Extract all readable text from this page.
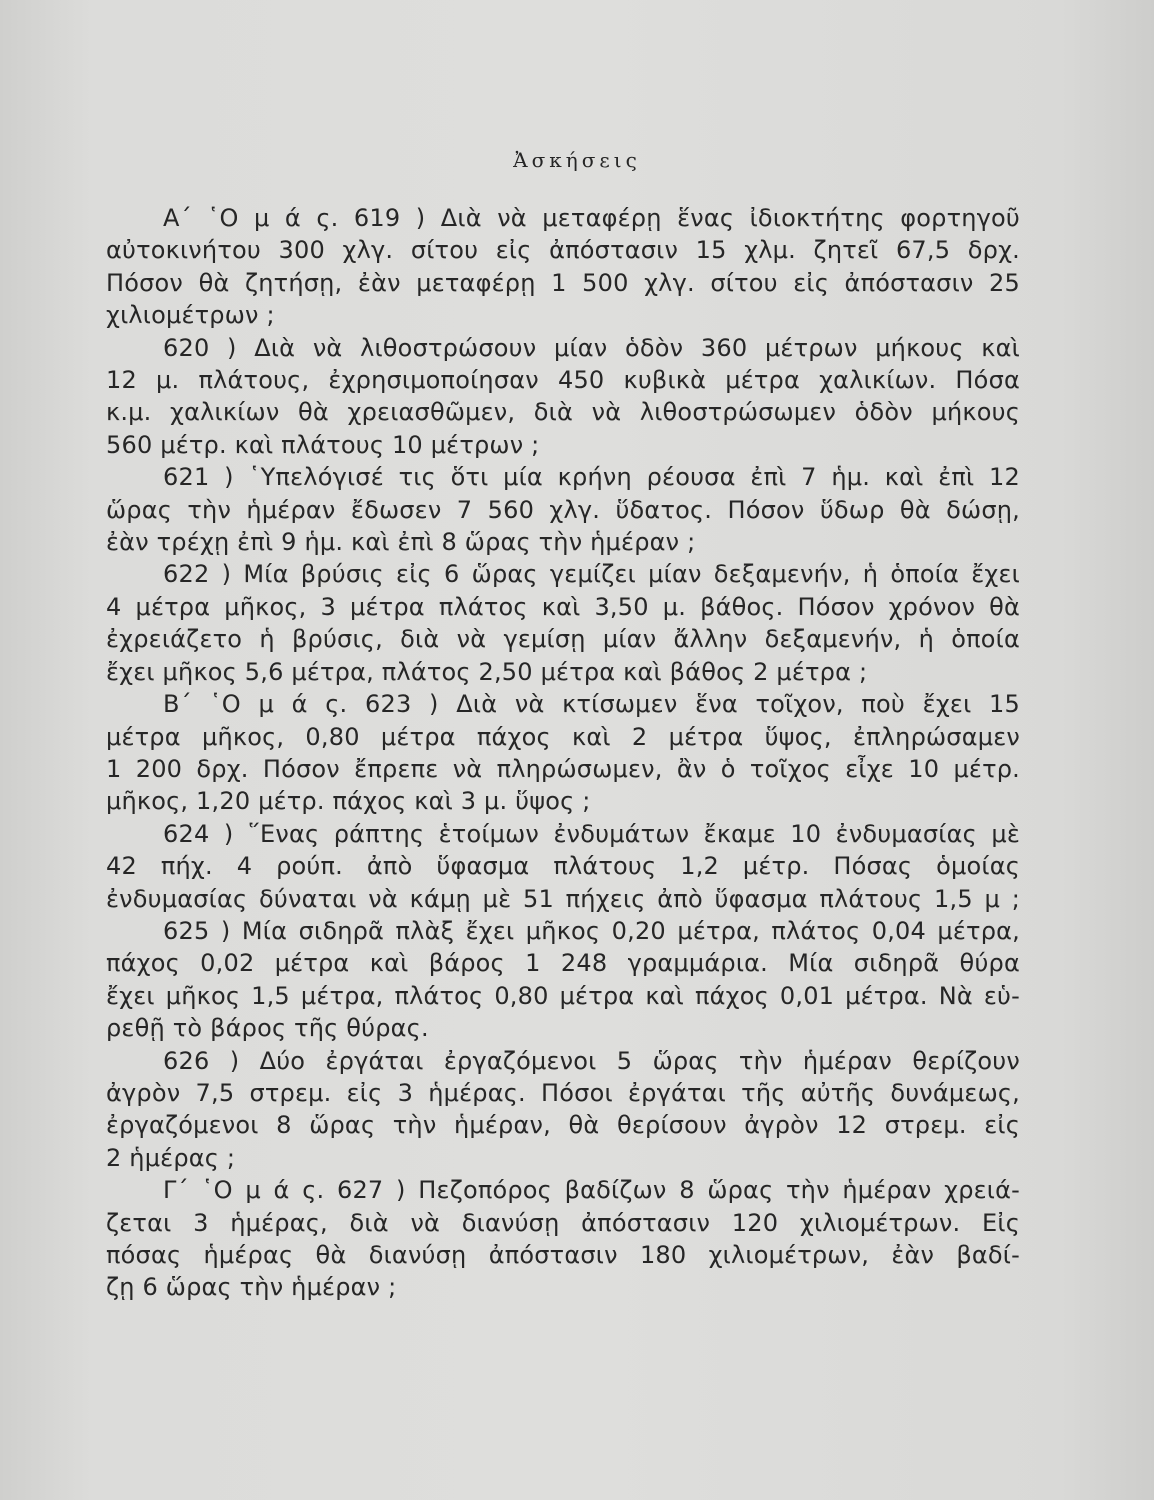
Ἀσκήσεις
Α΄ ῾Ο μ ά ς. 619 ) Διὰ νὰ μεταφέρῃ ἕνας ἰδιοκτήτης φορτηγοῦ
αὐτοκινήτου 300 χλγ. σίτου εἰς ἀπόστασιν 15 χλμ. ζητεῖ 67,5 δρχ.
Πόσον θὰ ζητήσῃ, ἐὰν μεταφέρῃ 1 500 χλγ. σίτου εἰς ἀπόστασιν 25
χιλιομέτρων ;
620 ) Διὰ νὰ λιθοστρώσουν μίαν ὁδὸν 360 μέτρων μήκους καὶ
12 μ. πλάτους, ἐχρησιμοποίησαν 450 κυβικὰ μέτρα χαλικίων. Πόσα
κ.μ. χαλικίων θὰ χρειασθῶμεν, διὰ νὰ λιθοστρώσωμεν ὁδὸν μήκους
560 μέτρ. καὶ πλάτους 10 μέτρων ;
621 ) ῾Υπελόγισέ τις ὅτι μία κρήνη ρέουσα ἐπὶ 7 ἡμ. καὶ ἐπὶ 12
ὥρας τὴν ἡμέραν ἔδωσεν 7 560 χλγ. ὕδατος. Πόσον ὕδωρ θὰ δώσῃ,
ἐὰν τρέχῃ ἐπὶ 9 ἡμ. καὶ ἐπὶ 8 ὥρας τὴν ἡμέραν ;
622 ) Μία βρύσις εἰς 6 ὥρας γεμίζει μίαν δεξαμενήν, ἡ ὁποία ἔχει
4 μέτρα μῆκος, 3 μέτρα πλάτος καὶ 3,50 μ. βάθος. Πόσον χρόνον θὰ
ἐχρειάζετο ἡ βρύσις, διὰ νὰ γεμίσῃ μίαν ἄλλην δεξαμενήν, ἡ ὁποία
ἔχει μῆκος 5,6 μέτρα, πλάτος 2,50 μέτρα καὶ βάθος 2 μέτρα ;
Β΄ ῾Ο μ ά ς. 623 ) Διὰ νὰ κτίσωμεν ἕνα τοῖχον, ποὺ ἔχει 15
μέτρα μῆκος, 0,80 μέτρα πάχος καὶ 2 μέτρα ὕψος, ἐπληρώσαμεν
1 200 δρχ. Πόσον ἔπρεπε νὰ πληρώσωμεν, ἂν ὁ τοῖχος εἶχε 10 μέτρ.
μῆκος, 1,20 μέτρ. πάχος καὶ 3 μ. ὕψος ;
624 ) ῞Ενας ράπτης ἑτοίμων ἐνδυμάτων ἔκαμε 10 ἐνδυμασίας μὲ
42 πήχ. 4 ρούπ. ἀπὸ ὕφασμα πλάτους 1,2 μέτρ. Πόσας ὁμοίας
ἐνδυμασίας δύναται νὰ κάμῃ μὲ 51 πήχεις ἀπὸ ὕφασμα πλάτους 1,5 μ ;
625 ) Μία σιδηρᾶ πλὰξ ἔχει μῆκος 0,20 μέτρα, πλάτος 0,04 μέτρα,
πάχος 0,02 μέτρα καὶ βάρος 1 248 γραμμάρια. Μία σιδηρᾶ θύρα
ἔχει μῆκος 1,5 μέτρα, πλάτος 0,80 μέτρα καὶ πάχος 0,01 μέτρα. Νὰ εὑ-
ρεθῇ τὸ βάρος τῆς θύρας.
626 ) Δύο ἐργάται ἐργαζόμενοι 5 ὥρας τὴν ἡμέραν θερίζουν
ἀγρὸν 7,5 στρεμ. εἰς 3 ἡμέρας. Πόσοι ἐργάται τῆς αὐτῆς δυνάμεως,
ἐργαζόμενοι 8 ὥρας τὴν ἡμέραν, θὰ θερίσουν ἀγρὸν 12 στρεμ. εἰς
2 ἡμέρας ;
Γ΄ ῾Ο μ ά ς. 627 ) Πεζοπόρος βαδίζων 8 ὥρας τὴν ἡμέραν χρειά-
ζεται 3 ἡμέρας, διὰ νὰ διανύσῃ ἀπόστασιν 120 χιλιομέτρων. Εἰς
πόσας ἡμέρας θὰ διανύσῃ ἀπόστασιν 180 χιλιομέτρων, ἐὰν βαδί-
ζῃ 6 ὥρας τὴν ἡμέραν ;
